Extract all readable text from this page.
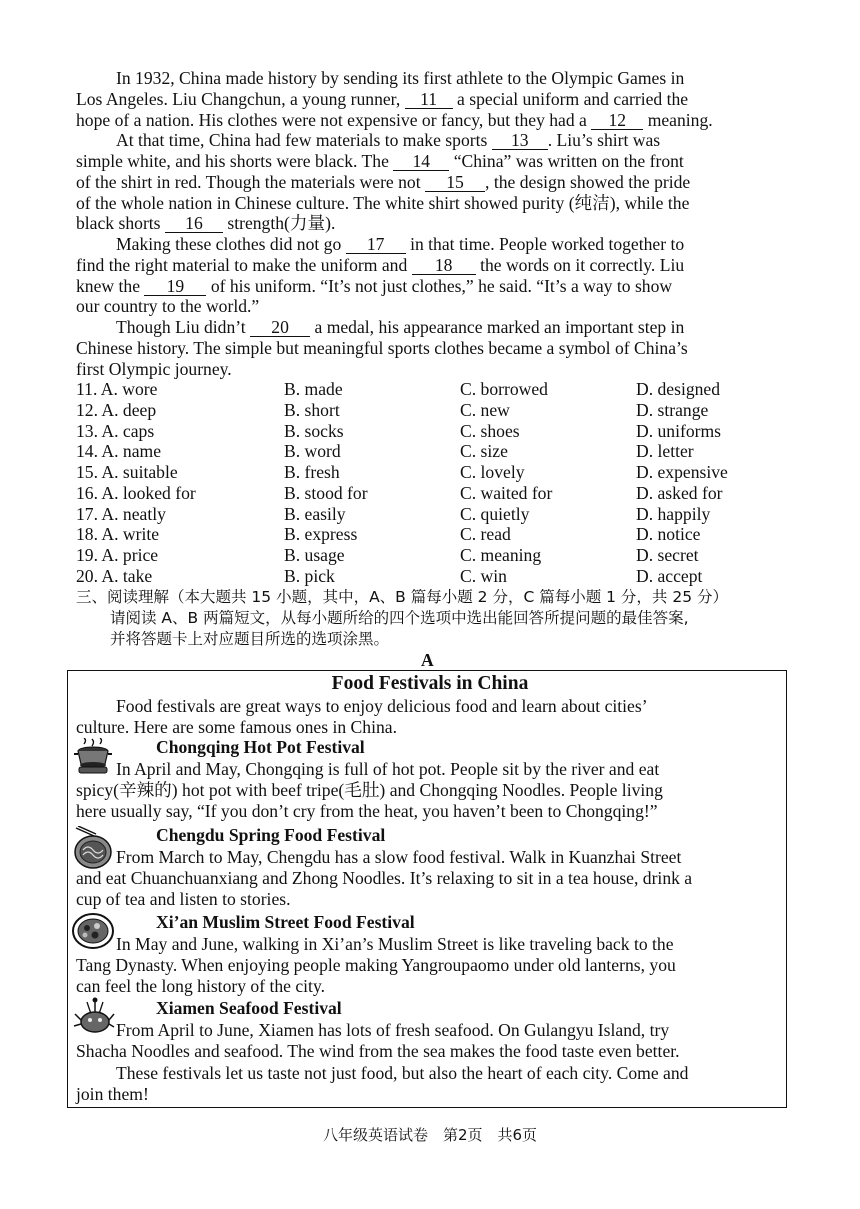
In 1932, China made history by sending its first athlete to the Olympic Games in
Los Angeles. Liu Changchun, a young runner, 11 a special uniform and carried the
hope of a nation. His clothes were not expensive or fancy, but they had a 12 meaning.
At that time, China had few materials to make sports 13 . Liu’s shirt was
simple white, and his shorts were black. The 14 “China” was written on the front
of the shirt in red. Though the materials were not 15 , the design showed the pride
of the whole nation in Chinese culture. The white shirt showed purity (纯洁), while the
black shorts 16 strength(力量).
Making these clothes did not go 17 in that time. People worked together to
find the right material to make the uniform and 18 the words on it correctly. Liu
knew the 19 of his uniform. “It’s not just clothes,” he said. “It’s a way to show
our country to the world.”
Though Liu didn’t 20 a medal, his appearance marked an important step in
Chinese history. The simple but meaningful sports clothes became a symbol of China’s
first Olympic journey.
11. A. wore	B. made	C. borrowed	D. designed
12. A. deep	B. short	C. new	D. strange
13. A. caps	B. socks	C. shoes	D. uniforms
14. A. name	B. word	C. size	D. letter
15. A. suitable	B. fresh	C. lovely	D. expensive
16. A. looked for	B. stood for	C. waited for	D. asked for
17. A. neatly	B. easily	C. quietly	D. happily
18. A. write	B. express	C. read	D. notice
19. A. price	B. usage	C. meaning	D. secret
20. A. take	B. pick	C. win	D. accept
三、阅读理解（本大题共 15 小题，其中，A、B 篇每小题 2 分，C 篇每小题 1 分，共 25 分）
请阅读 A、B 两篇短文，从每小题所给的四个选项中选出能回答所提问题的最佳答案,
并将答题卡上对应题目所选的选项涂黑。
A
Food Festivals in China
Food festivals are great ways to enjoy delicious food and learn about cities’
culture. Here are some famous ones in China.
Chongqing Hot Pot Festival
In April and May, Chongqing is full of hot pot. People sit by the river and eat
spicy(辛辣的) hot pot with beef tripe(毛肚) and Chongqing Noodles. People living
here usually say, “If you don’t cry from the heat, you haven’t been to Chongqing!”
Chengdu Spring Food Festival
From March to May, Chengdu has a slow food festival. Walk in Kuanzhai Street
and eat Chuanchuanxiang and Zhong Noodles. It’s relaxing to sit in a tea house, drink a
cup of tea and listen to stories.
Xi’an Muslim Street Food Festival
In May and June, walking in Xi’an’s Muslim Street is like traveling back to the
Tang Dynasty. When enjoying people making Yangroupaomo under old lanterns, you
can feel the long history of the city.
Xiamen Seafood Festival
From April to June, Xiamen has lots of fresh seafood. On Gulangyu Island, try
Shacha Noodles and seafood. The wind from the sea makes the food taste even better.
These festivals let us taste not just food, but also the heart of each city. Come and
join them!
八年级英语试卷　第2页　共6页
